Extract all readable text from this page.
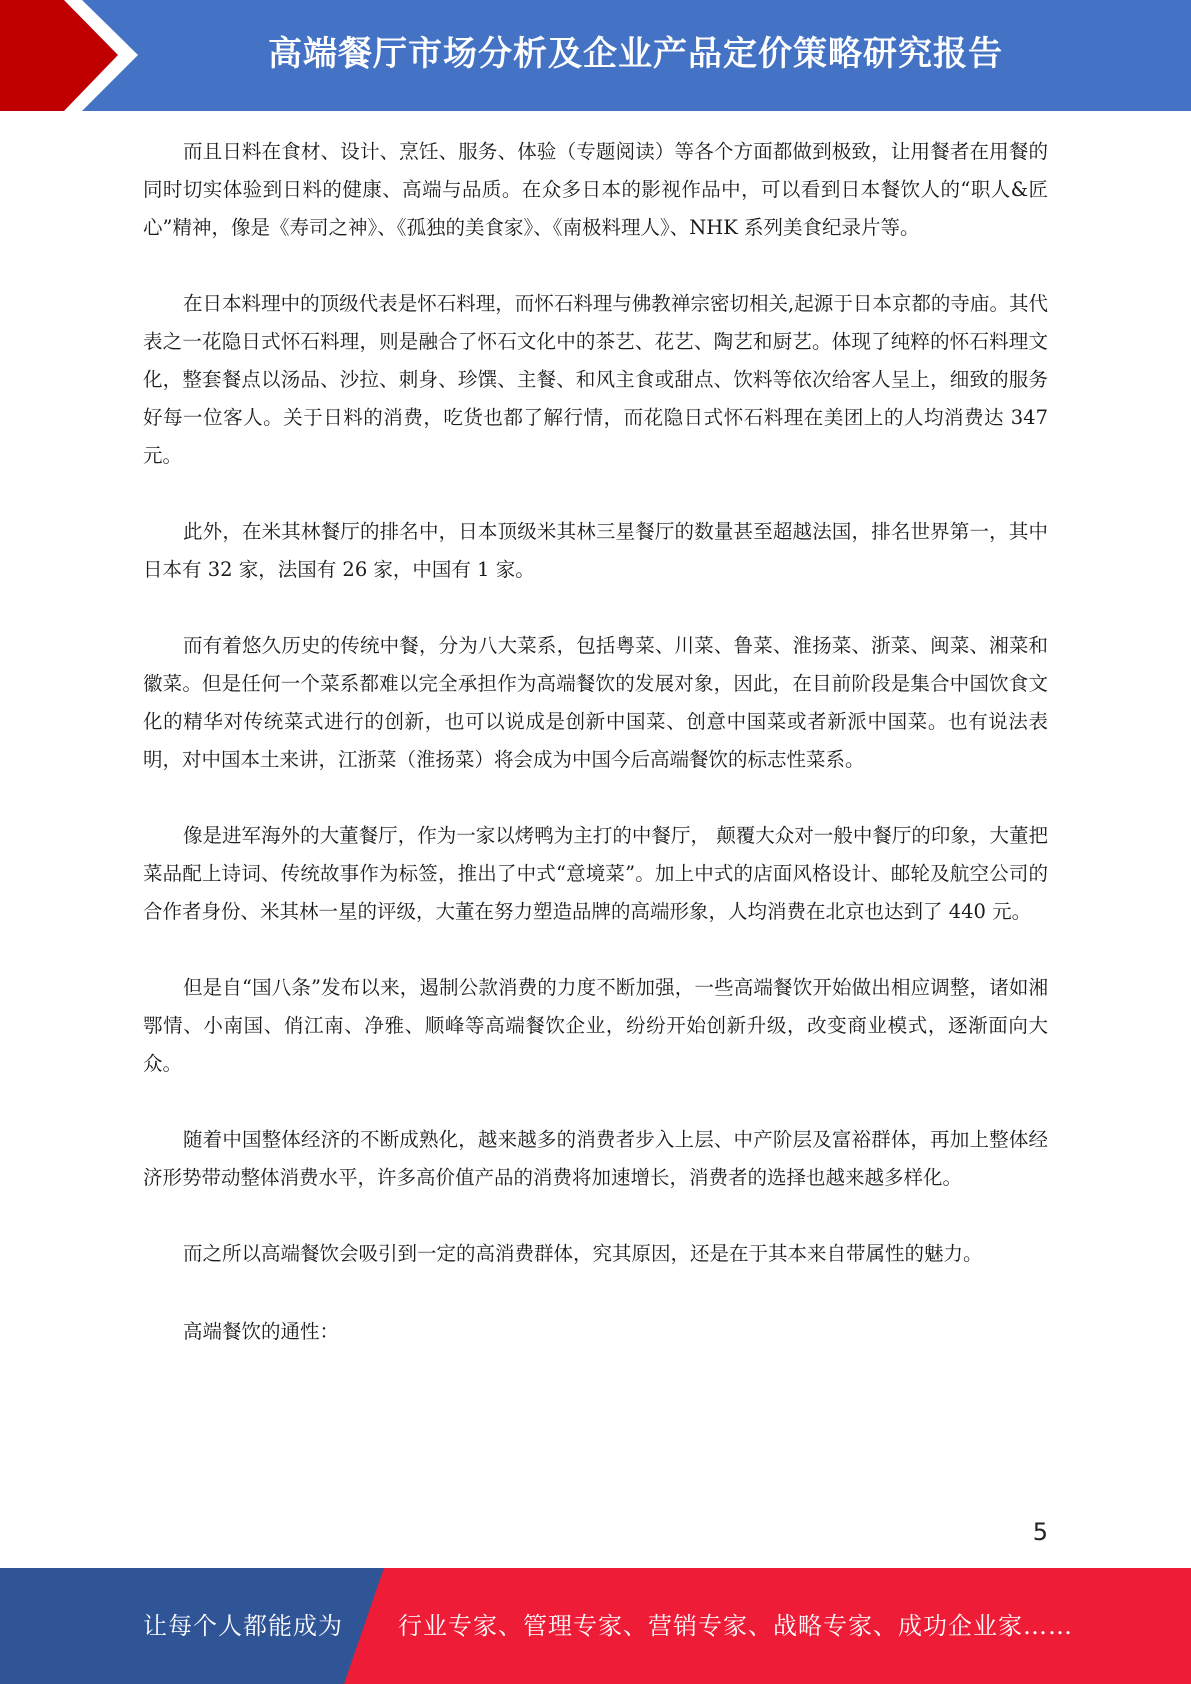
高端餐厅市场分析及企业产品定价策略研究报告

而且日料在食材、设计、烹饪、服务、体验（专题阅读）等各个方面都做到极致，让用餐者在用餐的同时切实体验到日料的健康、高端与品质。在众多日本的影视作品中，可以看到日本餐饮人的“职人&匠心”精神，像是《寿司之神》、《孤独的美食家》、《南极料理人》、NHK 系列美食纪录片等。

在日本料理中的顶级代表是怀石料理，而怀石料理与佛教禅宗密切相关,起源于日本京都的寺庙。其代表之一花隐日式怀石料理，则是融合了怀石文化中的茶艺、花艺、陶艺和厨艺。体现了纯粹的怀石料理文化，整套餐点以汤品、沙拉、刺身、珍馔、主餐、和风主食或甜点、饮料等依次给客人呈上，细致的服务好每一位客人。关于日料的消费，吃货也都了解行情，而花隐日式怀石料理在美团上的人均消费达 347 元。

此外，在米其林餐厅的排名中，日本顶级米其林三星餐厅的数量甚至超越法国，排名世界第一，其中日本有 32 家，法国有 26 家，中国有 1 家。

而有着悠久历史的传统中餐，分为八大菜系，包括粤菜、川菜、鲁菜、淮扬菜、浙菜、闽菜、湘菜和徽菜。但是任何一个菜系都难以完全承担作为高端餐饮的发展对象，因此，在目前阶段是集合中国饮食文化的精华对传统菜式进行的创新，也可以说成是创新中国菜、创意中国菜或者新派中国菜。也有说法表明，对中国本土来讲，江浙菜（淮扬菜）将会成为中国今后高端餐饮的标志性菜系。

像是进军海外的大董餐厅，作为一家以烤鸭为主打的中餐厅， 颠覆大众对一般中餐厅的印象，大董把菜品配上诗词、传统故事作为标签，推出了中式“意境菜”。加上中式的店面风格设计、邮轮及航空公司的合作者身份、米其林一星的评级，大董在努力塑造品牌的高端形象，人均消费在北京也达到了 440 元。

但是自“国八条”发布以来，遏制公款消费的力度不断加强，一些高端餐饮开始做出相应调整，诸如湘鄂情、小南国、俏江南、净雅、顺峰等高端餐饮企业，纷纷开始创新升级，改变商业模式，逐渐面向大众。

随着中国整体经济的不断成熟化，越来越多的消费者步入上层、中产阶层及富裕群体，再加上整体经济形势带动整体消费水平，许多高价值产品的消费将加速增长，消费者的选择也越来越多样化。

而之所以高端餐饮会吸引到一定的高消费群体，究其原因，还是在于其本来自带属性的魅力。

高端餐饮的通性：

5
让每个人都能成为 行业专家、管理专家、营销专家、战略专家、成功企业家……
